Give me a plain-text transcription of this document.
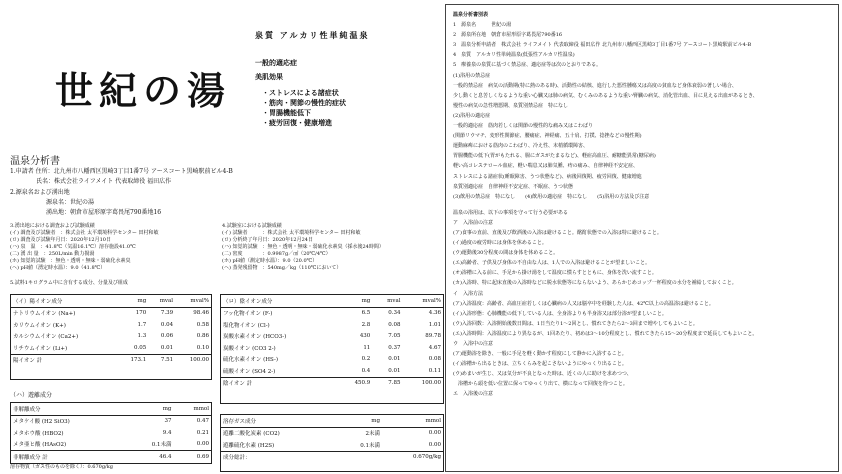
世紀の湯
泉質 アルカリ性単純温泉
一般的適応症
美肌効果
・ストレスによる諸症状
・筋肉・関節の慢性的症状
・胃腸機能低下
・疲労回復・健康増進
温泉分析書
1.申請者 住所：北九州市八幡西区黒崎3丁目1番7号 アースコート黒崎駅前ビル4-B
氏名：株式会社ライフメイト 代表取締役 福田広作
2.源泉名および湧出地
源泉名：世紀の湯
湧出地：朝倉市屋形原字葛畏尾790番地16
3.湧出地における調査および試験成績
(イ) 調査及び試験者　：株式会社 太平環境科学センター 田村和敏
(ロ) 調査及び試験年月日：2020年12月10日
(ハ) 泉　温　：41.8℃（気温16.1℃）溶存施設41.0℃
(二) 湧 出 量　：250L/min 動力揚湯
(ホ) 知覚的試験　：無色・透明・無味・弱硫化水素臭
(ヘ) pH値（湧定時水温）：9.0（41.8℃）
4.試験室における試験成績
(イ) 試験者　　　：株式会社 太平環境科学センター 田村和敏
(ロ) 分析終了年月日：2020年12月24日
(ハ) 知覚的試験　：無色・透明・無味・弱硫化水素臭（採水後24時間）
(二) 密度　　　　：0.9987g／㎤（20℃/4℃）
(ホ) pH値（測定時水温）：9.0（20.0℃）
(ヘ) 蒸発残留物　：540mg／kg（110℃において）
5.試料1キログラム中に含有する成分、分量及び組成
（イ）陽イオン成分	mg	mval	mval%
ナトリウムイオン (Na+)	170	7.39	98.46
カリウムイオン (K+)	1.7	0.04	0.58
カルシウムイオン (Ca2+)	1.3	0.06	0.86
リチウムイオン (Li+)	0.05	0.01	0.10
陽イオン 計	173.1	7.51	100.00
（ロ）陰イオン成分	mg	mval	mval%
フッ化物イオン (F-)	6.5	0.34	4.36
塩化物イオン (Cl-)	2.8	0.08	1.01
炭酸水素イオン (HCO3-)	430	7.05	89.78
炭酸イオン (CO3 2-)	11	0.37	4.67
硫化水素イオン (HS-)	0.2	0.01	0.08
硫酸イオン (SO4 2-)	0.4	0.01	0.11
陰イオン 計	450.9	7.85	100.00
（ハ）遊離成分
非解離成分	mg	mmol
メタケイ酸 (H2 SiO3)	37	0.47
メタホウ酸 (HBO2)	9.4	0.21
メタ亜ヒ酸 (HAsO2)	0.1未満	0.00
非解離成分 計	46.4	0.69
溶存物質（ガス性のものを除く）：0.670g/kg
溶存ガス成分	mg	mmol
遊離二酸化炭素 (CO2)	2未満	0.00
遊離硫化水素 (H2S)	0.1未満	0.00
成分総計：		0.670g/kg
温泉分析書別表
1　源泉名　　　世紀の湯
2　源泉所在地　朝倉市屋形原字葛畏尾790番16
3　温泉分析申請者　株式会社 ライフメイト 代表取締役 福田広作 北九州市八幡西区黒崎3丁目1番7号 アースコート黒崎駅前ビル4-B
4　泉質　アルカリ性単純温泉(低張性アルカリ性温泉)
5　療養泉の泉質に基づく禁忌症、適応症等は次のとおりである。
(1)浴用の禁忌症
一般的禁忌症　病気の活動期(特に熱のある時)、活動性の結核、進行した悪性腫瘍又は高度の貧血など身体衰弱の著しい場合、
少し動くと息苦しくなるような重い心臓又は肺の病気、むくみのあるような重い腎臓の病気、消化管出血、目に見える出血があるとき、
慢性の病気の急性増悪期、泉質別禁忌症　特になし
(2)浴用の適応症
一般的適応症　筋肉若しくは関節の慢性的な痛み又はこわばり
(関節リウマチ、変形性関節症、腰痛症、神経痛、五十肩、打撲、捻挫などの慢性期)
運動麻痺における筋肉のこわばり、冷え性、末梢循環障害、
胃腸機能の低下(胃がもたれる、腸にガスがたまるなど)、軽症高血圧、耐糖能異常(糖尿病)
軽い高コレステロール血症、軽い喘息又は肺気腫、痔の痛み、自律神経不安定症、
ストレスによる諸症状(睡眠障害、うつ状態など)、病後回復期、疲労回復、健康増進
泉質別適応症　自律神経不安定症、不眠症、うつ状態
(3)飲用の禁忌症　特になし　　(4)飲用の適応症　特になし　　(5)浴用の方法及び注意
温泉の浴用は、以下の事項を守って行う必要がある
ア　入浴前の注意
(ア)食事の直前、直後及び飲酒後の入浴は避けること。酩酊状態での入浴は特に避けること。
(イ)過度の疲労時には身体を休めること。
(ウ)運動後30分程度の間は身体を休めること。
(エ)高齢者、子供及び身体の不自由な人は、1人での入浴は避けることが望ましいこと。
(オ)浴槽に入る前に、手足から掛け湯をして温度に慣らすとともに、身体を洗い流すこと。
(カ)入浴時、特に起床直後の入浴時などに脱水状態等にならないよう、あらかじめコップ一杯程度の水分を補給しておくこと。
イ　入浴方法
(ア)入浴温度：高齢者、高血圧症若しくは心臓病の人又は脳卒中を経験した人は、42℃以上の高温浴は避けること。
(イ)入浴形態：心肺機能の低下している人は、全身浴よりも半身浴又は部分浴が望ましいこと。
(ウ)入浴回数：入浴開始後数日間は、1日当たり1～2回とし、慣れてきたら2～3回まで増やしてもよいこと。
(エ)入浴時間：入浴温度により異なるが、1回あたり、初めは3～10分程度とし、慣れてきたら15～20分程度まで延長してもよいこと。
ウ　入浴中の注意
(ア)運動浴を除き、一般に手足を軽く動かす程度にして静かに入浴すること。
(イ)浴槽から出るときは、立ちくらみを起こさないようにゆっくり出ること。
(ウ)めまいが生じ、又は気分が不良となった時は、近くの人に助けを求めつつ、
　浴槽から頭を低い位置に保ってゆっくり出て、横になって回復を待つこと。
エ　入浴後の注意
